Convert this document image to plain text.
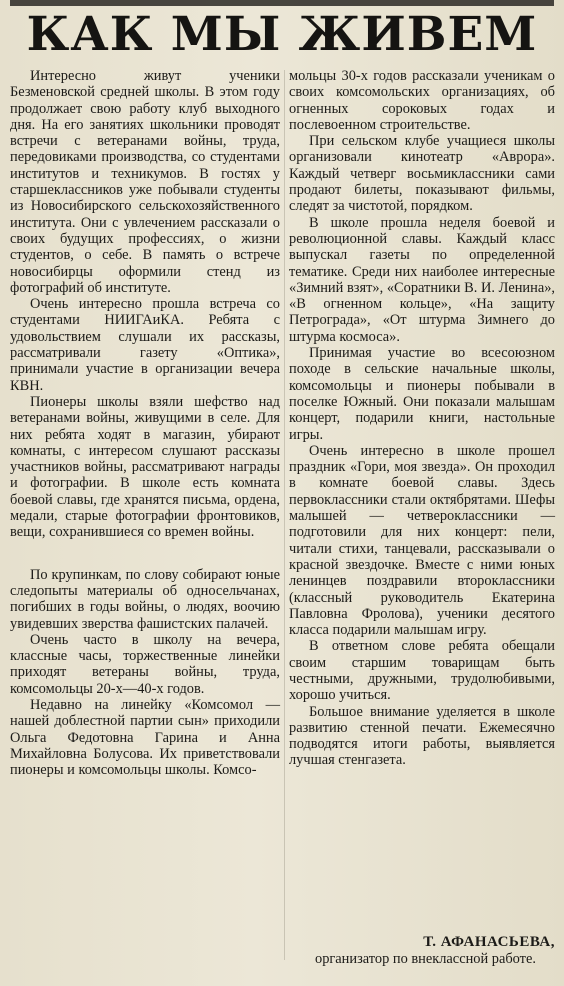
КАК МЫ ЖИВЕМ

Интересно живут ученики Безменовской средней школы. В этом году продолжает свою работу клуб выходного дня. На его занятиях школьники проводят встречи с ветеранами войны, труда, передовиками производства, со студентами институтов и техникумов. В гостях у старшеклассников уже побывали студенты из Новосибирского сельскохозяйственного института. Они с увлечением рассказали о своих будущих профессиях, о жизни студентов, о себе. В память о встрече новосибирцы оформили стенд из фотографий об институте.

Очень интересно прошла встреча со студентами НИИГАиКА. Ребята с удовольствием слушали их рассказы, рассматривали газету «Оптика», принимали участие в организации вечера КВН.

Пионеры школы взяли шефство над ветеранами войны, живущими в селе. Для них ребята ходят в магазин, убирают комнаты, с интересом слушают рассказы участников войны, рассматривают награды и фотографии. В школе есть комната боевой славы, где хранятся письма, ордена, медали, старые фотографии фронтовиков, вещи, сохранившиеся со времен войны.

По крупинкам, по слову собирают юные следопыты материалы об односельчанах, погибших в годы войны, о людях, воочию увидевших зверства фашистских палачей.

Очень часто в школу на вечера, классные часы, торжественные линейки приходят ветераны войны, труда, комсомольцы 20-х—40-х годов.

Недавно на линейку «Комсомол — нашей доблестной партии сын» приходили Ольга Федотовна Гарина и Анна Михайловна Болусова. Их приветствовали пионеры и комсомольцы школы. Комсо-

мольцы 30-х годов рассказали ученикам о своих комсомольских организациях, об огненных сороковых годах и послевоенном строительстве.

При сельском клубе учащиеся школы организовали кинотеатр «Аврора». Каждый четверг восьмиклассники сами продают билеты, показывают фильмы, следят за чистотой, порядком.

В школе прошла неделя боевой и революционной славы. Каждый класс выпускал газеты по определенной тематике. Среди них наиболее интересные «Зимний взят», «Соратники В. И. Ленина», «В огненном кольце», «На защиту Петрограда», «От штурма Зимнего до штурма космоса».

Принимая участие во всесоюзном походе в сельские начальные школы, комсомольцы и пионеры побывали в поселке Южный. Они показали малышам концерт, подарили книги, настольные игры.

Очень интересно в школе прошел праздник «Гори, моя звезда». Он проходил в комнате боевой славы. Здесь первоклассники стали октябрятами. Шефы малышей — четвероклассники — подготовили для них концерт: пели, читали стихи, танцевали, рассказывали о красной звездочке. Вместе с ними юных ленинцев поздравили второклассники (классный руководитель Екатерина Павловна Фролова), ученики десятого класса подарили малышам игру.

В ответном слове ребята обещали своим старшим товарищам быть честными, дружными, трудолюбивыми, хорошо учиться.

Большое внимание уделяется в школе развитию стенной печати. Ежемесячно подводятся итоги работы, выявляется лучшая стенгазета.

Т. АФАНАСЬЕВА,
организатор по внеклассной работе.
